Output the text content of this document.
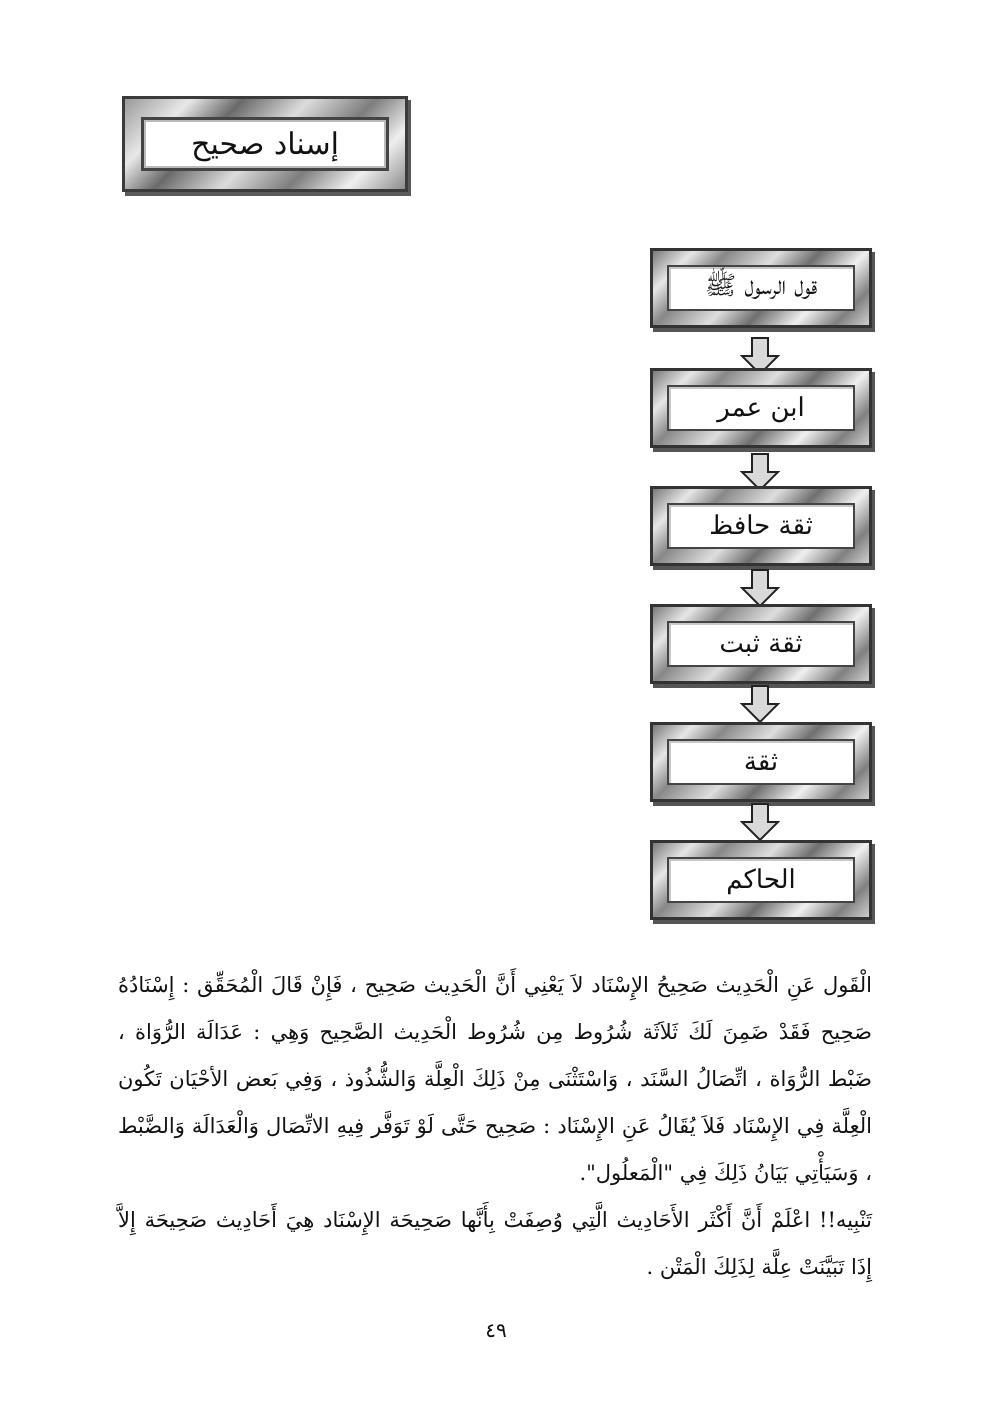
إسناد صحيح
قول الرسول ﷺ
ابن عمر
ثقة حافظ
ثقة ثبت
ثقة
الحاكم

الْقَول عَنِ الْحَدِيث صَحِيحُ الإِسْنَاد لاَ يَعْنِي أَنَّ الْحَدِيث صَحِيح ، فَإِنْ قَالَ الْمُحَقِّق : إِسْنَادُهُ صَحِيح فَقَدْ ضَمِنَ لَكَ ثَلاَثَة شُرُوط مِن شُرُوط الْحَدِيث الصَّحِيح وَهِي : عَدَالَة الرُّوَاة ، ضَبْط الرُّوَاة ، اتِّصَالُ السَّنَد ، وَاسْتَثْنَى مِنْ ذَلِكَ الْعِلَّة وَالشُّذُوذ ، وَفِي بَعض الأحْيَان تَكُون الْعِلَّة فِي الإِسْنَاد فَلاَ يُقَالُ عَنِ الإِسْنَاد : صَحِيح حَتَّى لَوْ تَوَفَّر فِيهِ الاتِّصَال وَالْعَدَالَة وَالضَّبْط ، وَسَيَأْتِي بَيَانُ ذَلِكَ فِي "الْمَعلُول".

تَنْبِيه!! اعْلَمْ أَنَّ أَكْثَر الأَحَادِيث الَّتِي وُصِفَتْ بِأَنَّها صَحِيحَة الإِسْنَاد هِيَ أَحَادِيث صَحِيحَة إِلاَّ إِذَا تَبَيَّنَتْ عِلَّة لِذَلِكَ الْمَتْن .

٤٩
